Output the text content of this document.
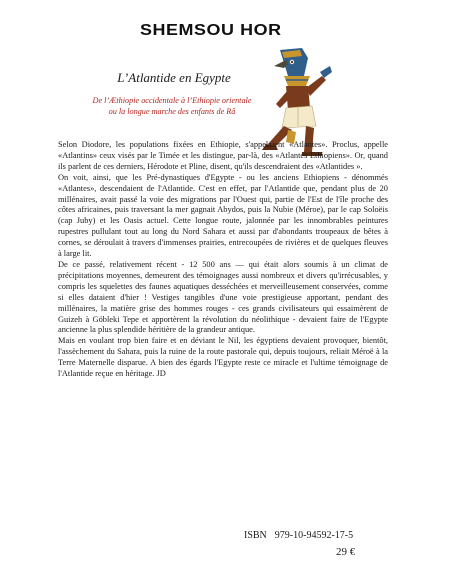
SHEMSOU HOR
L’Atlantide en Egypte
De l’Æthiopie occidentale à l’Ethiopie orientale
ou la longue marche des enfants de Râ

Selon Diodore, les populations fixées en Ethiopie, s'appelaient «Atlantes». Proclus, appelle «Atlantins» ceux visés par le Timée et les distingue, par-là, des «Atlantes Ethiopiens». Or, quand ils parlent de ces derniers, Hérodote et Pline, disent, qu'ils descendraient des «Atlantides ».

On voit, ainsi, que les Pré-dynastiques d'Egypte - ou les anciens Ethiopiens - dénommés «Atlantes», descendaient de l'Atlantide. C'est en effet, par l'Atlantide que, pendant plus de 20 millénaires, avait passé la voie des migrations par l'Ouest qui, partie de l'Est de l'île proche des côtes africaines, puis traversant la mer gagnait Abydos, puis la Nubie (Méroe), par le cap Soloëis (cap Juby) et les Oasis actuel. Cette longue route, jalonnée par les innombrables peintures rupestres pullulant tout au long du Nord Sahara et aussi par d'abondants troupeaux de bêtes à cornes, se déroulait à travers d'immenses prairies, entrecoupées de rivières et de quelques fleuves à large lit.

De ce passé, relativement récent - 12 500 ans — qui était alors soumis à un climat de précipitations moyennes, demeurent des témoignages aussi nombreux et divers qu'irrécusables, y compris les squelettes des faunes aquatiques desséchées et merveilleusement conservées, comme si elles dataient d'hier ! Vestiges tangibles d'une voie prestigieuse apportant, pendant des millénaires, la matière grise des hommes rouges - ces grands civilisateurs qui essaimèrent de Guizeh à Göbleki Tepe et apportèrent la révolution du néolithique - devaient faire de l'Egypte ancienne la plus splendide héritière de la grandeur antique.

Mais en voulant trop bien faire et en déviant le Nil, les égyptiens devaient provoquer, bientôt, l'assèchement du Sahara, puis la ruine de la route pastorale qui, depuis toujours, reliait Méroë à la Terre Maternelle disparue. A bien des égards l'Egypte reste ce miracle et l'ultime témoignage de l'Atlantide reçue en héritage. JD

ISBN 979-10-94592-17-5
29 €
